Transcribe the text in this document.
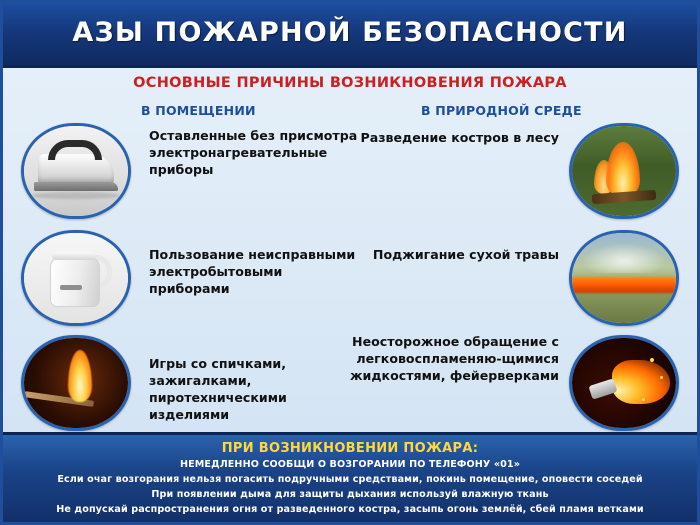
АЗЫ ПОЖАРНОЙ БЕЗОПАСНОСТИ
ОСНОВНЫЕ ПРИЧИНЫ ВОЗНИКНОВЕНИЯ ПОЖАРА
В ПОМЕЩЕНИИ	В ПРИРОДНОЙ СРЕДЕ
Оставленные без присмотра электронагревательные приборы
Разведение костров в лесу
Пользование неисправными электробытовыми приборами
Поджигание сухой травы
Игры со спичками, зажигалками, пиротехническими изделиями
Неосторожное обращение с легковоспламеняю-щимися жидкостями, фейерверками
ПРИ ВОЗНИКНОВЕНИИ ПОЖАРА:
НЕМЕДЛЕННО СООБЩИ О ВОЗГОРАНИИ ПО ТЕЛЕФОНУ «01»
Если очаг возгорания нельзя погасить подручными средствами, покинь помещение, оповести соседей
При появлении дыма для защиты дыхания используй влажную ткань
Не допускай распространения огня от разведенного костра, засыпь огонь землёй, сбей пламя ветками
